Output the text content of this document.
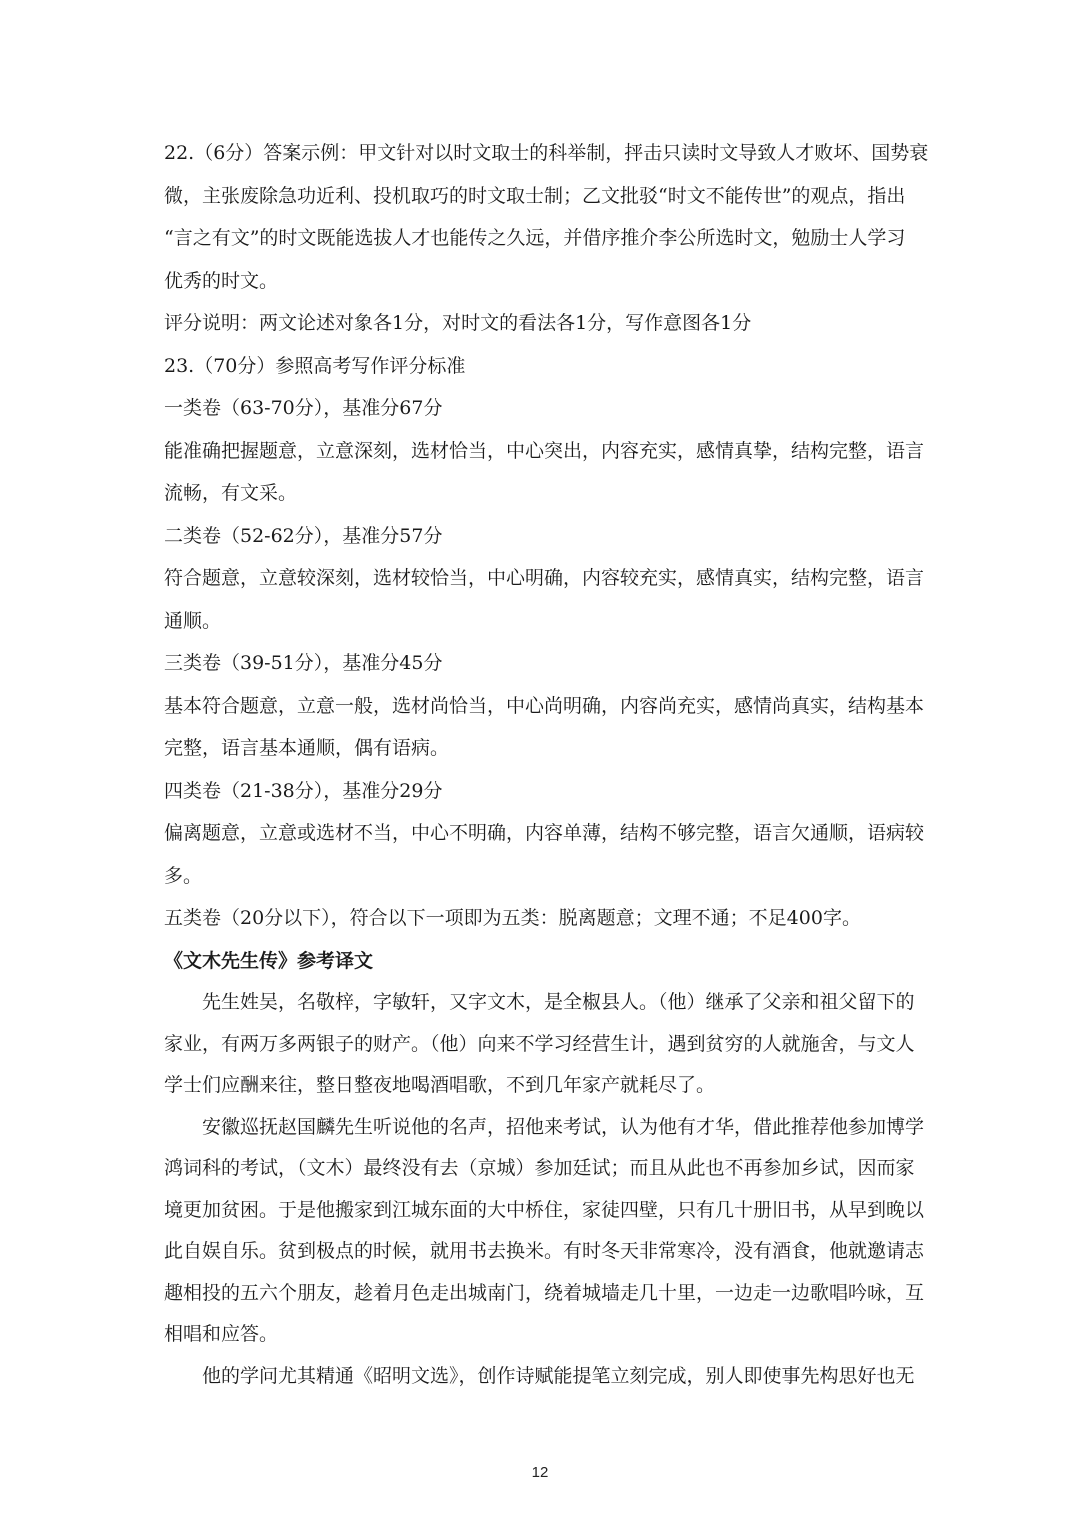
22.（6分）答案示例：甲文针对以时文取士的科举制，抨击只读时文导致人才败坏、国势衰

微，主张废除急功近利、投机取巧的时文取士制；乙文批驳“时文不能传世”的观点，指出

“言之有文”的时文既能选拔人才也能传之久远，并借序推介李公所选时文，勉励士人学习

优秀的时文。

评分说明：两文论述对象各1分，对时文的看法各1分，写作意图各1分

23.（70分）参照高考写作评分标准

一类卷（63-70分），基准分67分

能准确把握题意，立意深刻，选材恰当，中心突出，内容充实，感情真挚，结构完整，语言

流畅，有文采。

二类卷（52-62分），基准分57分

符合题意，立意较深刻，选材较恰当，中心明确，内容较充实，感情真实，结构完整，语言

通顺。

三类卷（39-51分），基准分45分

基本符合题意，立意一般，选材尚恰当，中心尚明确，内容尚充实，感情尚真实，结构基本

完整，语言基本通顺，偶有语病。

四类卷（21-38分），基准分29分

偏离题意，立意或选材不当，中心不明确，内容单薄，结构不够完整，语言欠通顺，语病较

多。

五类卷（20分以下），符合以下一项即为五类：脱离题意；文理不通；不足400字。

《文木先生传》参考译文

先生姓吴，名敬梓，字敏轩，又字文木，是全椒县人。（他）继承了父亲和祖父留下的

家业，有两万多两银子的财产。（他）向来不学习经营生计，遇到贫穷的人就施舍，与文人

学士们应酬来往，整日整夜地喝酒唱歌，不到几年家产就耗尽了。

安徽巡抚赵国麟先生听说他的名声，招他来考试，认为他有才华，借此推荐他参加博学

鸿词科的考试，（文木）最终没有去（京城）参加廷试；而且从此也不再参加乡试，因而家

境更加贫困。于是他搬家到江城东面的大中桥住，家徒四壁，只有几十册旧书，从早到晚以

此自娱自乐。贫到极点的时候，就用书去换米。有时冬天非常寒冷，没有酒食，他就邀请志

趣相投的五六个朋友，趁着月色走出城南门，绕着城墙走几十里，一边走一边歌唱吟咏，互

相唱和应答。

他的学问尤其精通《昭明文选》，创作诗赋能提笔立刻完成，别人即使事先构思好也无

12
